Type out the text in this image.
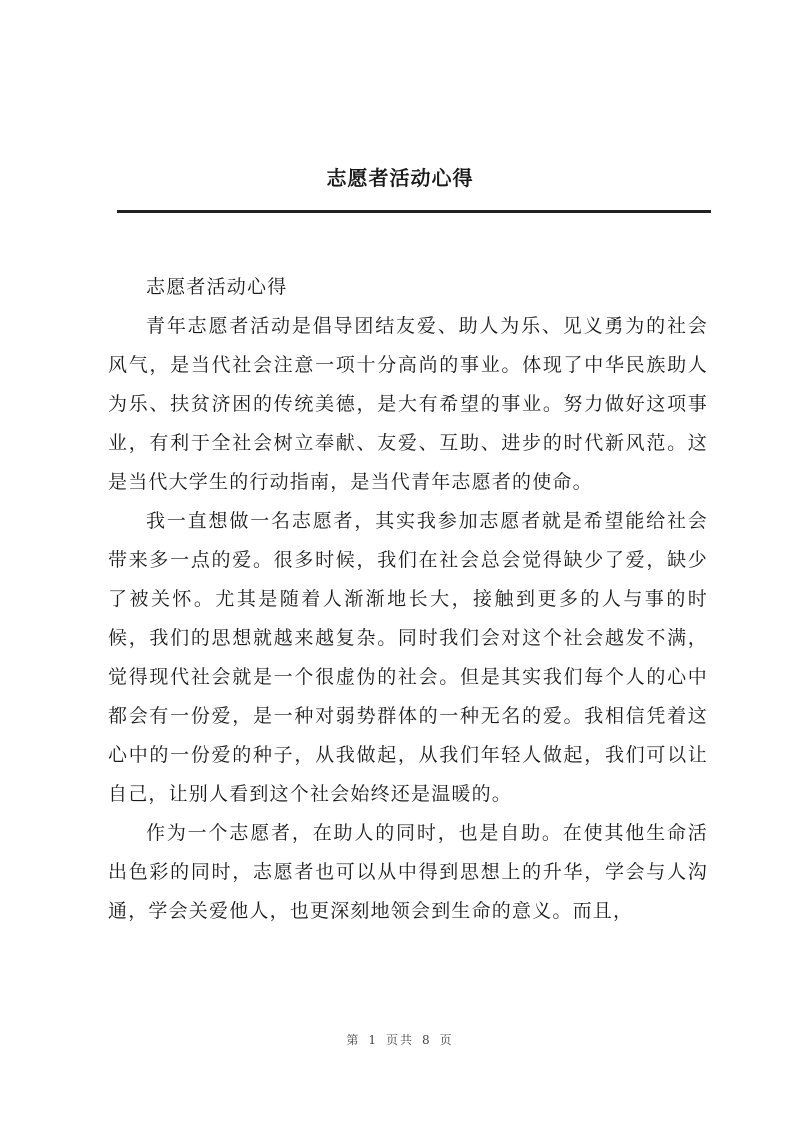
志愿者活动心得

志愿者活动心得

青年志愿者活动是倡导团结友爱、助人为乐、见义勇为的社会风气，是当代社会注意一项十分高尚的事业。体现了中华民族助人为乐、扶贫济困的传统美德，是大有希望的事业。努力做好这项事业，有利于全社会树立奉献、友爱、互助、进步的时代新风范。这是当代大学生的行动指南，是当代青年志愿者的使命。

我一直想做一名志愿者，其实我参加志愿者就是希望能给社会带来多一点的爱。很多时候，我们在社会总会觉得缺少了爱，缺少了被关怀。尤其是随着人渐渐地长大，接触到更多的人与事的时候，我们的思想就越来越复杂。同时我们会对这个社会越发不满，觉得现代社会就是一个很虚伪的社会。但是其实我们每个人的心中都会有一份爱，是一种对弱势群体的一种无名的爱。我相信凭着这心中的一份爱的种子，从我做起，从我们年轻人做起，我们可以让自己，让别人看到这个社会始终还是温暖的。

作为一个志愿者，在助人的同时，也是自助。在使其他生命活出色彩的同时，志愿者也可以从中得到思想上的升华，学会与人沟通，学会关爱他人，也更深刻地领会到生命的意义。而且，

第 1 页共 8 页
